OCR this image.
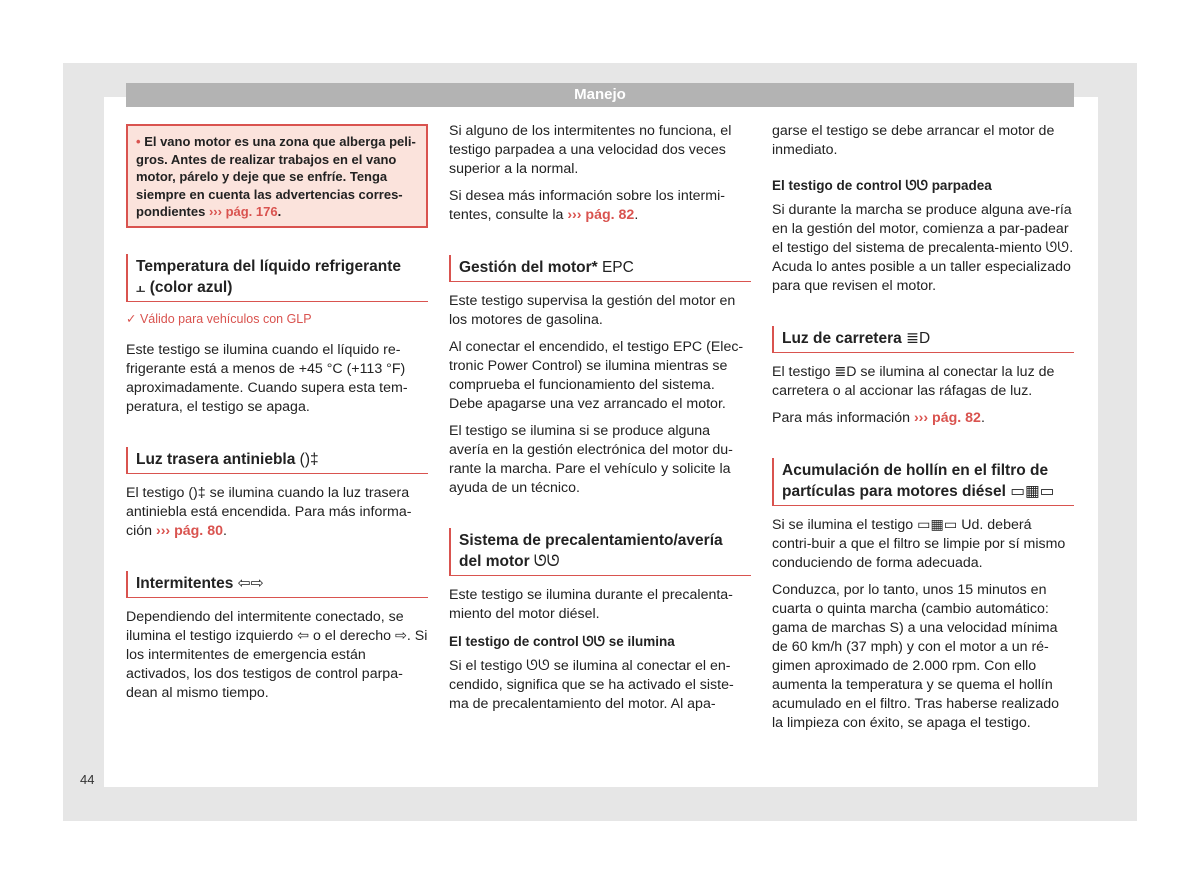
Manejo
• El vano motor es una zona que alberga peli-gros. Antes de realizar trabajos en el vano motor, párelo y deje que se enfríe. Tenga siempre en cuenta las advertencias corres-pondientes ››› pág. 176.
Temperatura del líquido refrigerante
⫠ (color azul)
✓ Válido para vehículos con GLP

Este testigo se ilumina cuando el líquido re-frigerante está a menos de +45 °C (+113 °F) aproximadamente. Cuando supera esta tem-peratura, el testigo se apaga.

Luz trasera antiniebla ()‡

El testigo ()‡ se ilumina cuando la luz trasera antiniebla está encendida. Para más informa-ción ››› pág. 80.

Intermitentes ⇦⇨

Dependiendo del intermitente conectado, se ilumina el testigo izquierdo ⇦ o el derecho ⇨. Si los intermitentes de emergencia están activados, los dos testigos de control parpa-dean al mismo tiempo.

Si alguno de los intermitentes no funciona, el testigo parpadea a una velocidad dos veces superior a la normal.

Si desea más información sobre los intermi-tentes, consulte la ››› pág. 82.

Gestión del motor* EPC

Este testigo supervisa la gestión del motor en los motores de gasolina.

Al conectar el encendido, el testigo EPC (Elec-tronic Power Control) se ilumina mientras se comprueba el funcionamiento del sistema. Debe apagarse una vez arrancado el motor.

El testigo se ilumina si se produce alguna avería en la gestión electrónica del motor du-rante la marcha. Pare el vehículo y solicite la ayuda de un técnico.

Sistema de precalentamiento/avería
del motor ᘎᘎ

Este testigo se ilumina durante el precalenta-miento del motor diésel.

El testigo de control ᘎᘎ se ilumina

Si el testigo ᘎᘎ se ilumina al conectar el en-cendido, significa que se ha activado el siste-ma de precalentamiento del motor. Al apa-

garse el testigo se debe arrancar el motor de inmediato.

El testigo de control ᘎᘎ parpadea

Si durante la marcha se produce alguna ave-ría en la gestión del motor, comienza a par-padear el testigo del sistema de precalenta-miento ᘎᘎ. Acuda lo antes posible a un taller especializado para que revisen el motor.

Luz de carretera ≣D

El testigo ≣D se ilumina al conectar la luz de carretera o al accionar las ráfagas de luz.

Para más información ››› pág. 82.

Acumulación de hollín en el filtro de
partículas para motores diésel ▭▦▭

Si se ilumina el testigo ▭▦▭ Ud. deberá contri-buir a que el filtro se limpie por sí mismo conduciendo de forma adecuada.

Conduzca, por lo tanto, unos 15 minutos en cuarta o quinta marcha (cambio automático: gama de marchas S) a una velocidad mínima de 60 km/h (37 mph) y con el motor a un ré-gimen aproximado de 2.000 rpm. Con ello aumenta la temperatura y se quema el hollín acumulado en el filtro. Tras haberse realizado la limpieza con éxito, se apaga el testigo.

44
